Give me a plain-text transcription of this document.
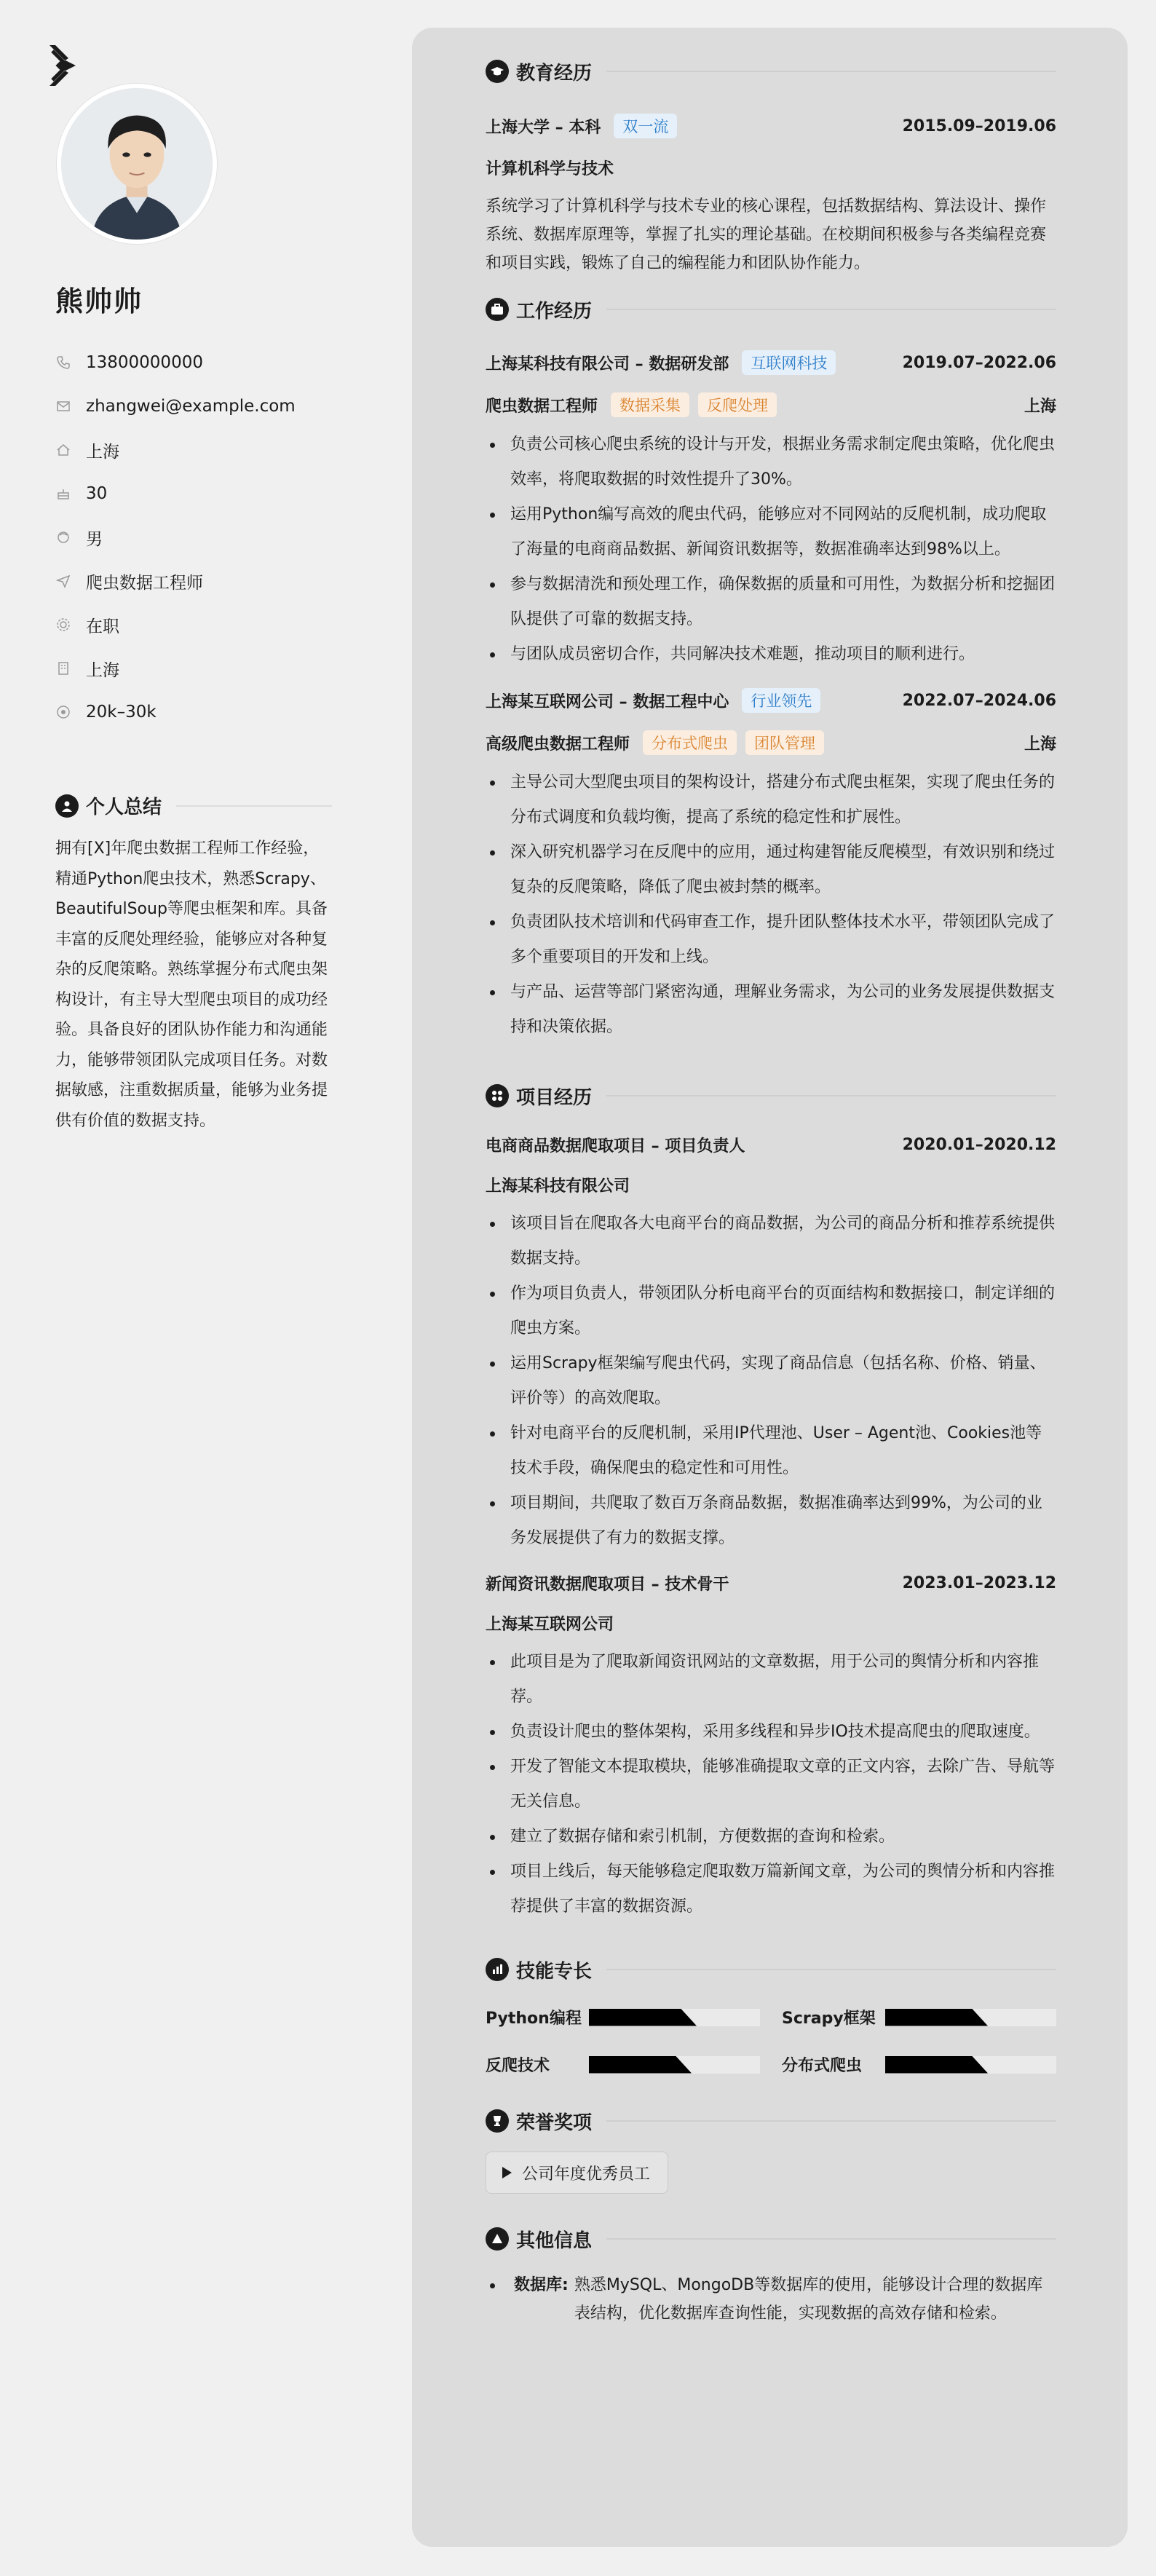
熊帅帅
13800000000
zhangwei@example.com
上海
30
男
爬虫数据工程师
在职
上海
20k–30k
个人总结
拥有[X]年爬虫数据工程师工作经验，精通Python爬虫技术，熟悉Scrapy、BeautifulSoup等爬虫框架和库。具备丰富的反爬处理经验，能够应对各种复杂的反爬策略。熟练掌握分布式爬虫架构设计，有主导大型爬虫项目的成功经验。具备良好的团队协作能力和沟通能力，能够带领团队完成项目任务。对数据敏感，注重数据质量，能够为业务提供有价值的数据支持。
教育经历
上海大学 – 本科	双一流	2015.09–2019.06
计算机科学与技术
系统学习了计算机科学与技术专业的核心课程，包括数据结构、算法设计、操作系统、数据库原理等，掌握了扎实的理论基础。在校期间积极参与各类编程竞赛和项目实践，锻炼了自己的编程能力和团队协作能力。
工作经历
上海某科技有限公司 – 数据研发部	互联网科技	2019.07–2022.06
爬虫数据工程师	数据采集	反爬处理	上海
负责公司核心爬虫系统的设计与开发，根据业务需求制定爬虫策略，优化爬虫效率，将爬取数据的时效性提升了30%。
运用Python编写高效的爬虫代码，能够应对不同网站的反爬机制，成功爬取了海量的电商商品数据、新闻资讯数据等，数据准确率达到98%以上。
参与数据清洗和预处理工作，确保数据的质量和可用性，为数据分析和挖掘团队提供了可靠的数据支持。
与团队成员密切合作，共同解决技术难题，推动项目的顺利进行。
上海某互联网公司 – 数据工程中心	行业领先	2022.07–2024.06
高级爬虫数据工程师	分布式爬虫	团队管理	上海
主导公司大型爬虫项目的架构设计，搭建分布式爬虫框架，实现了爬虫任务的分布式调度和负载均衡，提高了系统的稳定性和扩展性。
深入研究机器学习在反爬中的应用，通过构建智能反爬模型，有效识别和绕过复杂的反爬策略，降低了爬虫被封禁的概率。
负责团队技术培训和代码审查工作，提升团队整体技术水平，带领团队完成了多个重要项目的开发和上线。
与产品、运营等部门紧密沟通，理解业务需求，为公司的业务发展提供数据支持和决策依据。
项目经历
电商商品数据爬取项目 – 项目负责人	2020.01–2020.12
上海某科技有限公司
该项目旨在爬取各大电商平台的商品数据，为公司的商品分析和推荐系统提供数据支持。
作为项目负责人，带领团队分析电商平台的页面结构和数据接口，制定详细的爬虫方案。
运用Scrapy框架编写爬虫代码，实现了商品信息（包括名称、价格、销量、评价等）的高效爬取。
针对电商平台的反爬机制，采用IP代理池、User – Agent池、Cookies池等技术手段，确保爬虫的稳定性和可用性。
项目期间，共爬取了数百万条商品数据，数据准确率达到99%，为公司的业务发展提供了有力的数据支撑。
新闻资讯数据爬取项目 – 技术骨干	2023.01–2023.12
上海某互联网公司
此项目是为了爬取新闻资讯网站的文章数据，用于公司的舆情分析和内容推荐。
负责设计爬虫的整体架构，采用多线程和异步IO技术提高爬虫的爬取速度。
开发了智能文本提取模块，能够准确提取文章的正文内容，去除广告、导航等无关信息。
建立了数据存储和索引机制，方便数据的查询和检索。
项目上线后，每天能够稳定爬取数万篇新闻文章，为公司的舆情分析和内容推荐提供了丰富的数据资源。
技能专长
Python编程	Scrapy框架
反爬技术	分布式爬虫
荣誉奖项
公司年度优秀员工
其他信息
数据库: 熟悉MySQL、MongoDB等数据库的使用，能够设计合理的数据库表结构，优化数据库查询性能，实现数据的高效存储和检索。
